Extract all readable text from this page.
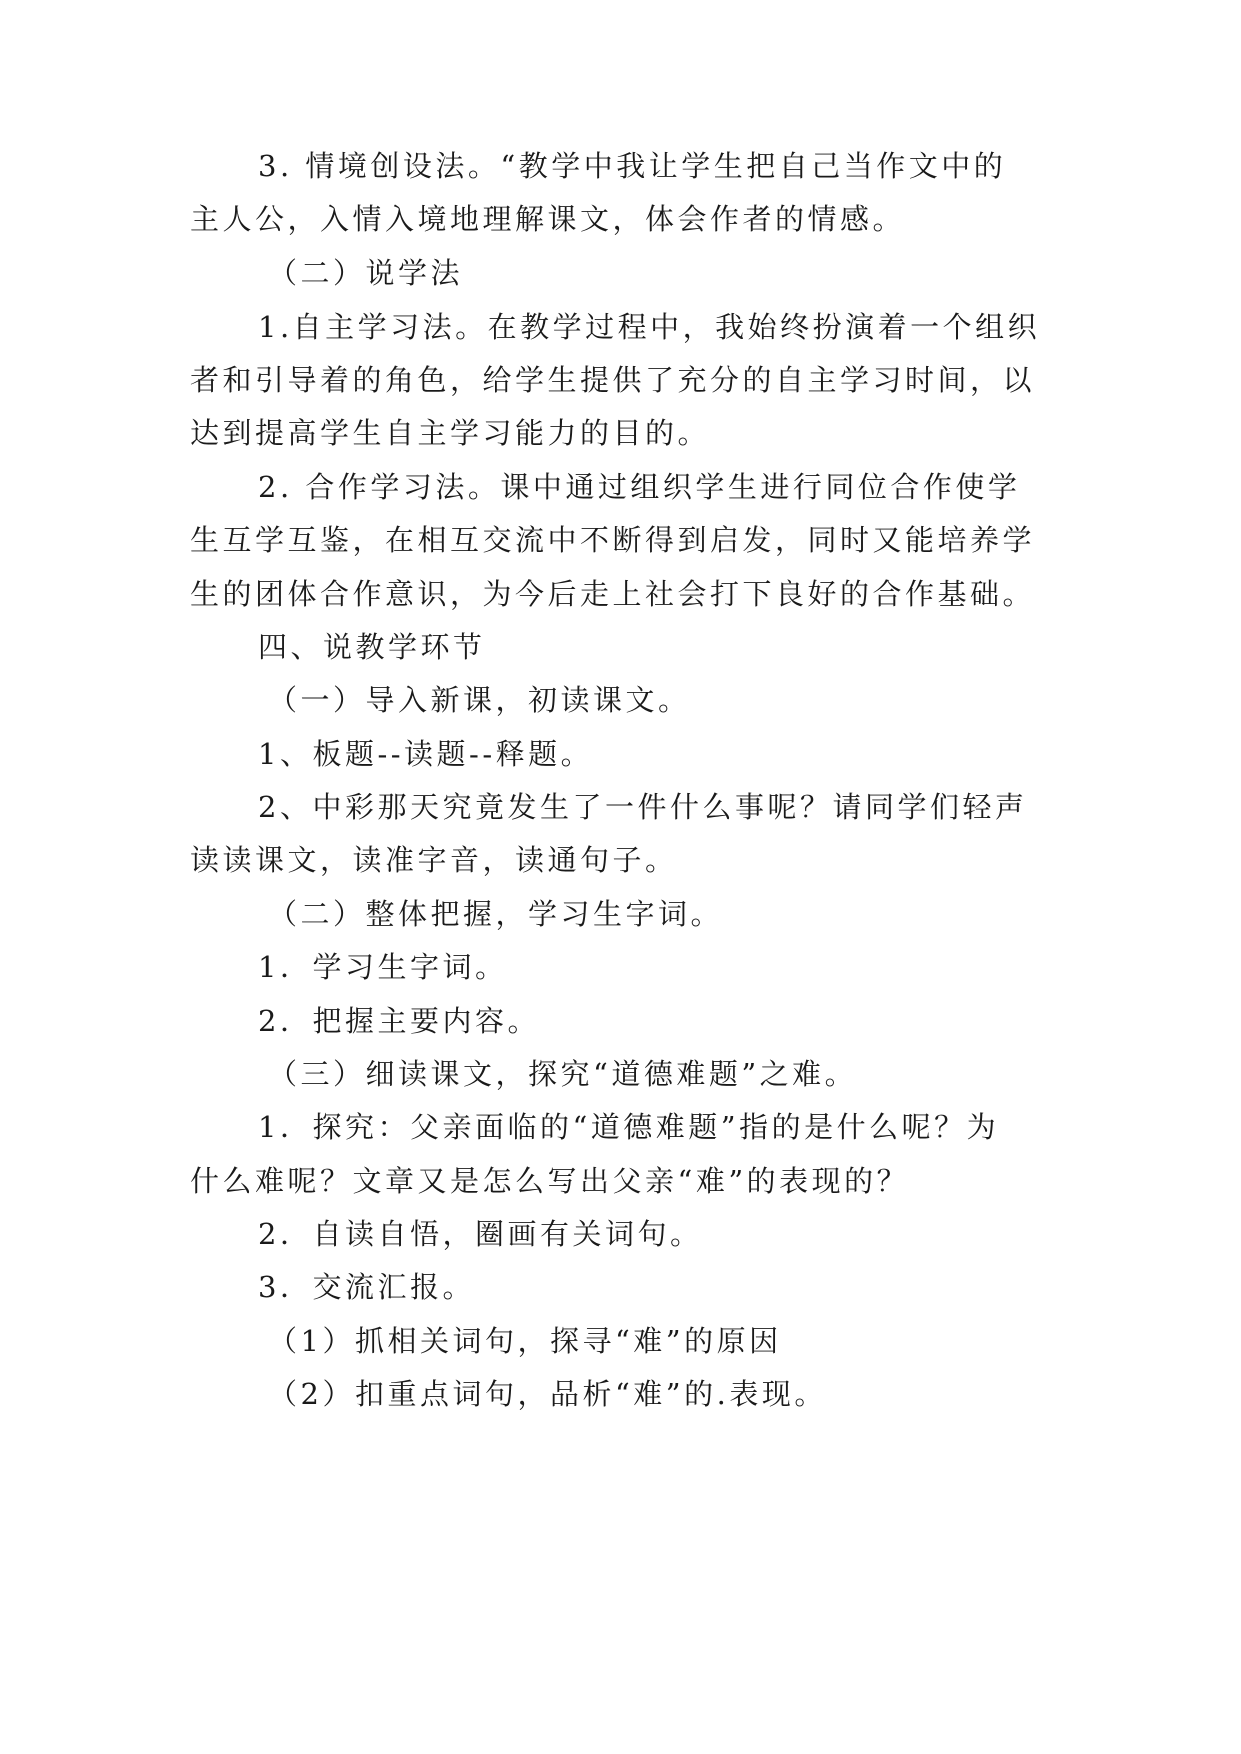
3. 情境创设法。“教学中我让学生把自己当作文中的

主人公，入情入境地理解课文，体会作者的情感。

（二）说学法

1.自主学习法。在教学过程中，我始终扮演着一个组织

者和引导着的角色，给学生提供了充分的自主学习时间，以

达到提高学生自主学习能力的目的。

2. 合作学习法。课中通过组织学生进行同位合作使学

生互学互鉴，在相互交流中不断得到启发，同时又能培养学

生的团体合作意识，为今后走上社会打下良好的合作基础。

四、说教学环节

（一）导入新课，初读课文。

1、板题--读题--释题。

2、中彩那天究竟发生了一件什么事呢？请同学们轻声

读读课文，读准字音，读通句子。

（二）整体把握，学习生字词。

1．学习生字词。

2．把握主要内容。

（三）细读课文，探究“道德难题”之难。

1．探究：父亲面临的“道德难题”指的是什么呢？为

什么难呢？文章又是怎么写出父亲“难”的表现的？

2．自读自悟，圈画有关词句。

3．交流汇报。

（1）抓相关词句，探寻“难”的原因

（2）扣重点词句，品析“难”的.表现。
